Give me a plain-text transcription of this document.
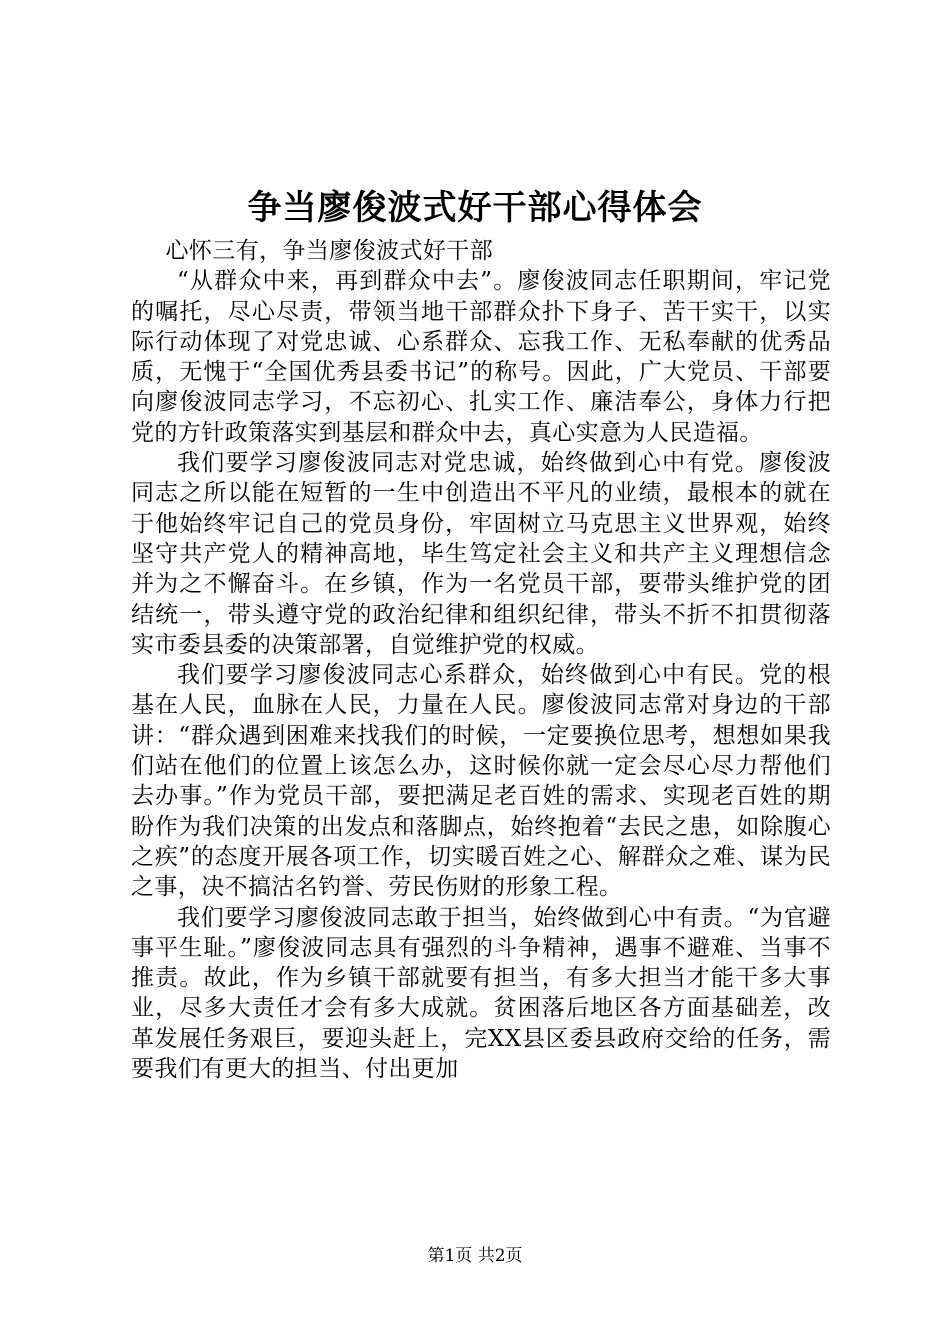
争当廖俊波式好干部心得体会

心怀三有，争当廖俊波式好干部

“从群众中来，再到群众中去”。廖俊波同志任职期间，牢记党的嘱托，尽心尽责，带领当地干部群众扑下身子、苦干实干，以实际行动体现了对党忠诚、心系群众、忘我工作、无私奉献的优秀品质，无愧于“全国优秀县委书记”的称号。因此，广大党员、干部要向廖俊波同志学习，不忘初心、扎实工作、廉洁奉公，身体力行把党的方针政策落实到基层和群众中去，真心实意为人民造福。

我们要学习廖俊波同志对党忠诚，始终做到心中有党。廖俊波同志之所以能在短暂的一生中创造出不平凡的业绩，最根本的就在于他始终牢记自己的党员身份，牢固树立马克思主义世界观，始终坚守共产党人的精神高地，毕生笃定社会主义和共产主义理想信念并为之不懈奋斗。在乡镇，作为一名党员干部，要带头维护党的团结统一，带头遵守党的政治纪律和组织纪律，带头不折不扣贯彻落实市委县委的决策部署，自觉维护党的权威。

我们要学习廖俊波同志心系群众，始终做到心中有民。党的根基在人民，血脉在人民，力量在人民。廖俊波同志常对身边的干部讲：“群众遇到困难来找我们的时候，一定要换位思考，想想如果我们站在他们的位置上该怎么办，这时候你就一定会尽心尽力帮他们去办事。”作为党员干部，要把满足老百姓的需求、实现老百姓的期盼作为我们决策的出发点和落脚点，始终抱着“去民之患，如除腹心之疾”的态度开展各项工作，切实暖百姓之心、解群众之难、谋为民之事，决不搞沽名钓誉、劳民伤财的形象工程。

我们要学习廖俊波同志敢于担当，始终做到心中有责。“为官避事平生耻。”廖俊波同志具有强烈的斗争精神，遇事不避难、当事不推责。故此，作为乡镇干部就要有担当，有多大担当才能干多大事业，尽多大责任才会有多大成就。贫困落后地区各方面基础差，改革发展任务艰巨，要迎头赶上，完XX县区委县政府交给的任务，需要我们有更大的担当、付出更加

第1页 共2页
